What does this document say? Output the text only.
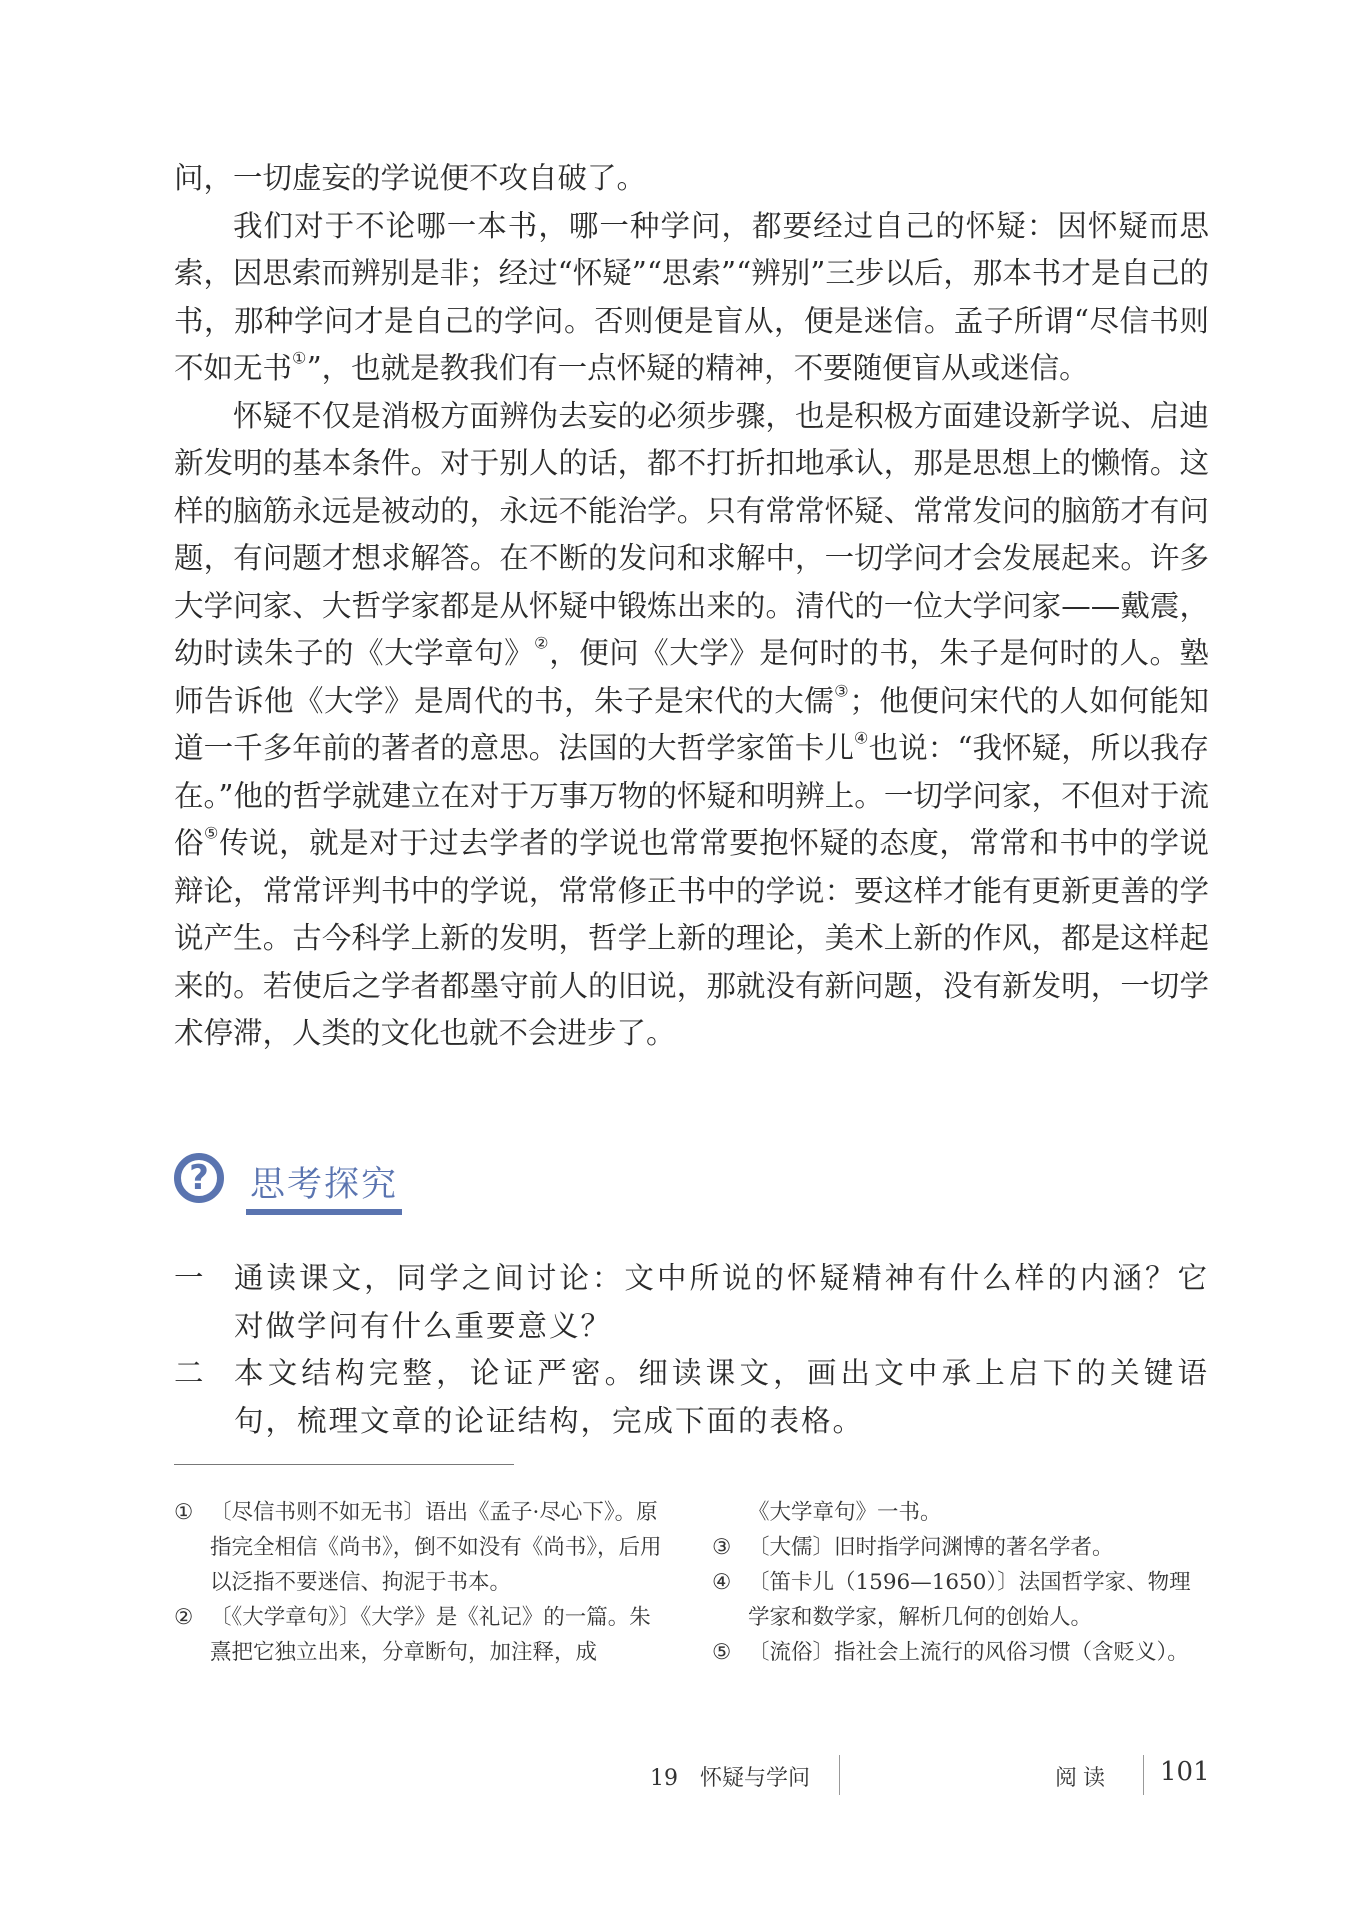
问，一切虚妄的学说便不攻自破了。

我们对于不论哪一本书，哪一种学问，都要经过自己的怀疑：因怀疑而思索，因思索而辨别是非；经过“怀疑”“思索”“辨别”三步以后，那本书才是自己的书，那种学问才是自己的学问。否则便是盲从，便是迷信。孟子所谓“尽信书则不如无书①”，也就是教我们有一点怀疑的精神，不要随便盲从或迷信。

怀疑不仅是消极方面辨伪去妄的必须步骤，也是积极方面建设新学说、启迪新发明的基本条件。对于别人的话，都不打折扣地承认，那是思想上的懒惰。这样的脑筋永远是被动的，永远不能治学。只有常常怀疑、常常发问的脑筋才有问题，有问题才想求解答。在不断的发问和求解中，一切学问才会发展起来。许多大学问家、大哲学家都是从怀疑中锻炼出来的。清代的一位大学问家——戴震，幼时读朱子的《大学章句》②，便问《大学》是何时的书，朱子是何时的人。塾师告诉他《大学》是周代的书，朱子是宋代的大儒③；他便问宋代的人如何能知道一千多年前的著者的意思。法国的大哲学家笛卡儿④也说：“我怀疑，所以我存在。”他的哲学就建立在对于万事万物的怀疑和明辨上。一切学问家，不但对于流俗⑤传说，就是对于过去学者的学说也常常要抱怀疑的态度，常常和书中的学说辩论，常常评判书中的学说，常常修正书中的学说：要这样才能有更新更善的学说产生。古今科学上新的发明，哲学上新的理论，美术上新的作风，都是这样起来的。若使后之学者都墨守前人的旧说，那就没有新问题，没有新发明，一切学术停滞，人类的文化也就不会进步了。

?	思考探究

一 通读课文，同学之间讨论：文中所说的怀疑精神有什么样的内涵？它对做学问有什么重要意义？

二 本文结构完整，论证严密。细读课文，画出文中承上启下的关键语句，梳理文章的论证结构，完成下面的表格。

① 〔尽信书则不如无书〕语出《孟子·尽心下》。原指完全相信《尚书》，倒不如没有《尚书》，后用以泛指不要迷信、拘泥于书本。

② 〔《大学章句》〕《大学》是《礼记》的一篇。朱熹把它独立出来，分章断句，加注释，成

《大学章句》一书。

③ 〔大儒〕旧时指学问渊博的著名学者。

④ 〔笛卡儿（1596—1650）〕法国哲学家、物理学家和数学家，解析几何的创始人。

⑤ 〔流俗〕指社会上流行的风俗习惯（含贬义）。

19　怀疑与学问	阅读 101
